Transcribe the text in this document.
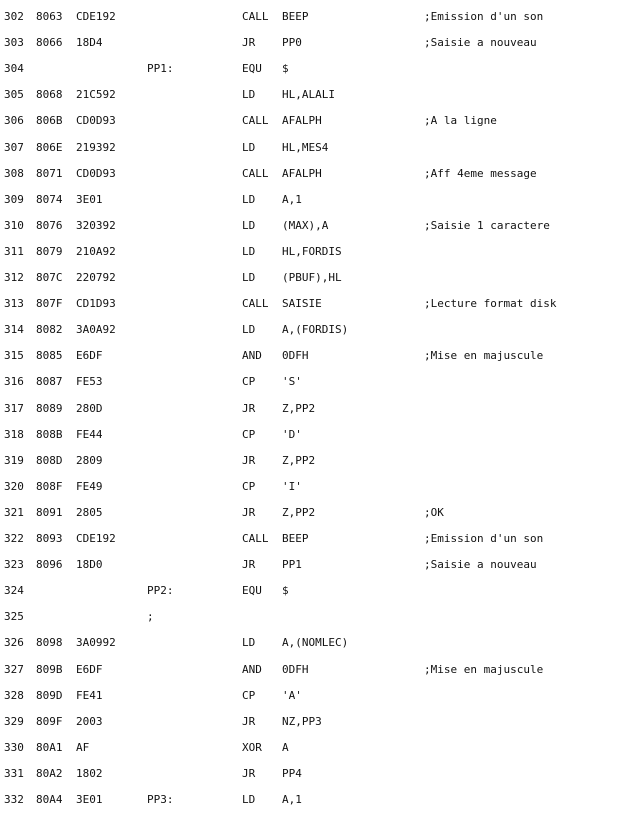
302 8063 CDE192	CALL BEEP	;Emission d'un son
303 8066 18D4	JR PP0	;Saisie a nouveau
304	PP1:	EQU $
305 8068 21C592	LD HL,ALALI
306 806B CD0D93	CALL AFALPH	;A la ligne
307 806E 219392	LD HL,MES4
308 8071 CD0D93	CALL AFALPH	;Aff 4eme message
309 8074 3E01	LD A,1
310 8076 320392	LD (MAX),A	;Saisie 1 caractere
311 8079 210A92	LD HL,FORDIS
312 807C 220792	LD (PBUF),HL
313 807F CD1D93	CALL SAISIE	;Lecture format disk
314 8082 3A0A92	LD A,(FORDIS)
315 8085 E6DF	AND 0DFH	;Mise en majuscule
316 8087 FE53	CP 'S'
317 8089 280D	JR Z,PP2
318 808B FE44	CP 'D'
319 808D 2809	JR Z,PP2
320 808F FE49	CP 'I'
321 8091 2805	JR Z,PP2	;OK
322 8093 CDE192	CALL BEEP	;Emission d'un son
323 8096 18D0	JR PP1	;Saisie a nouveau
324	PP2:	EQU $
325	;
326 8098 3A0992	LD A,(NOMLEC)
327 809B E6DF	AND 0DFH	;Mise en majuscule
328 809D FE41	CP 'A'
329 809F 2003	JR NZ,PP3
330 80A1 AF	XOR A
331 80A2 1802	JR PP4
332 80A4 3E01	PP3:	LD A,1
